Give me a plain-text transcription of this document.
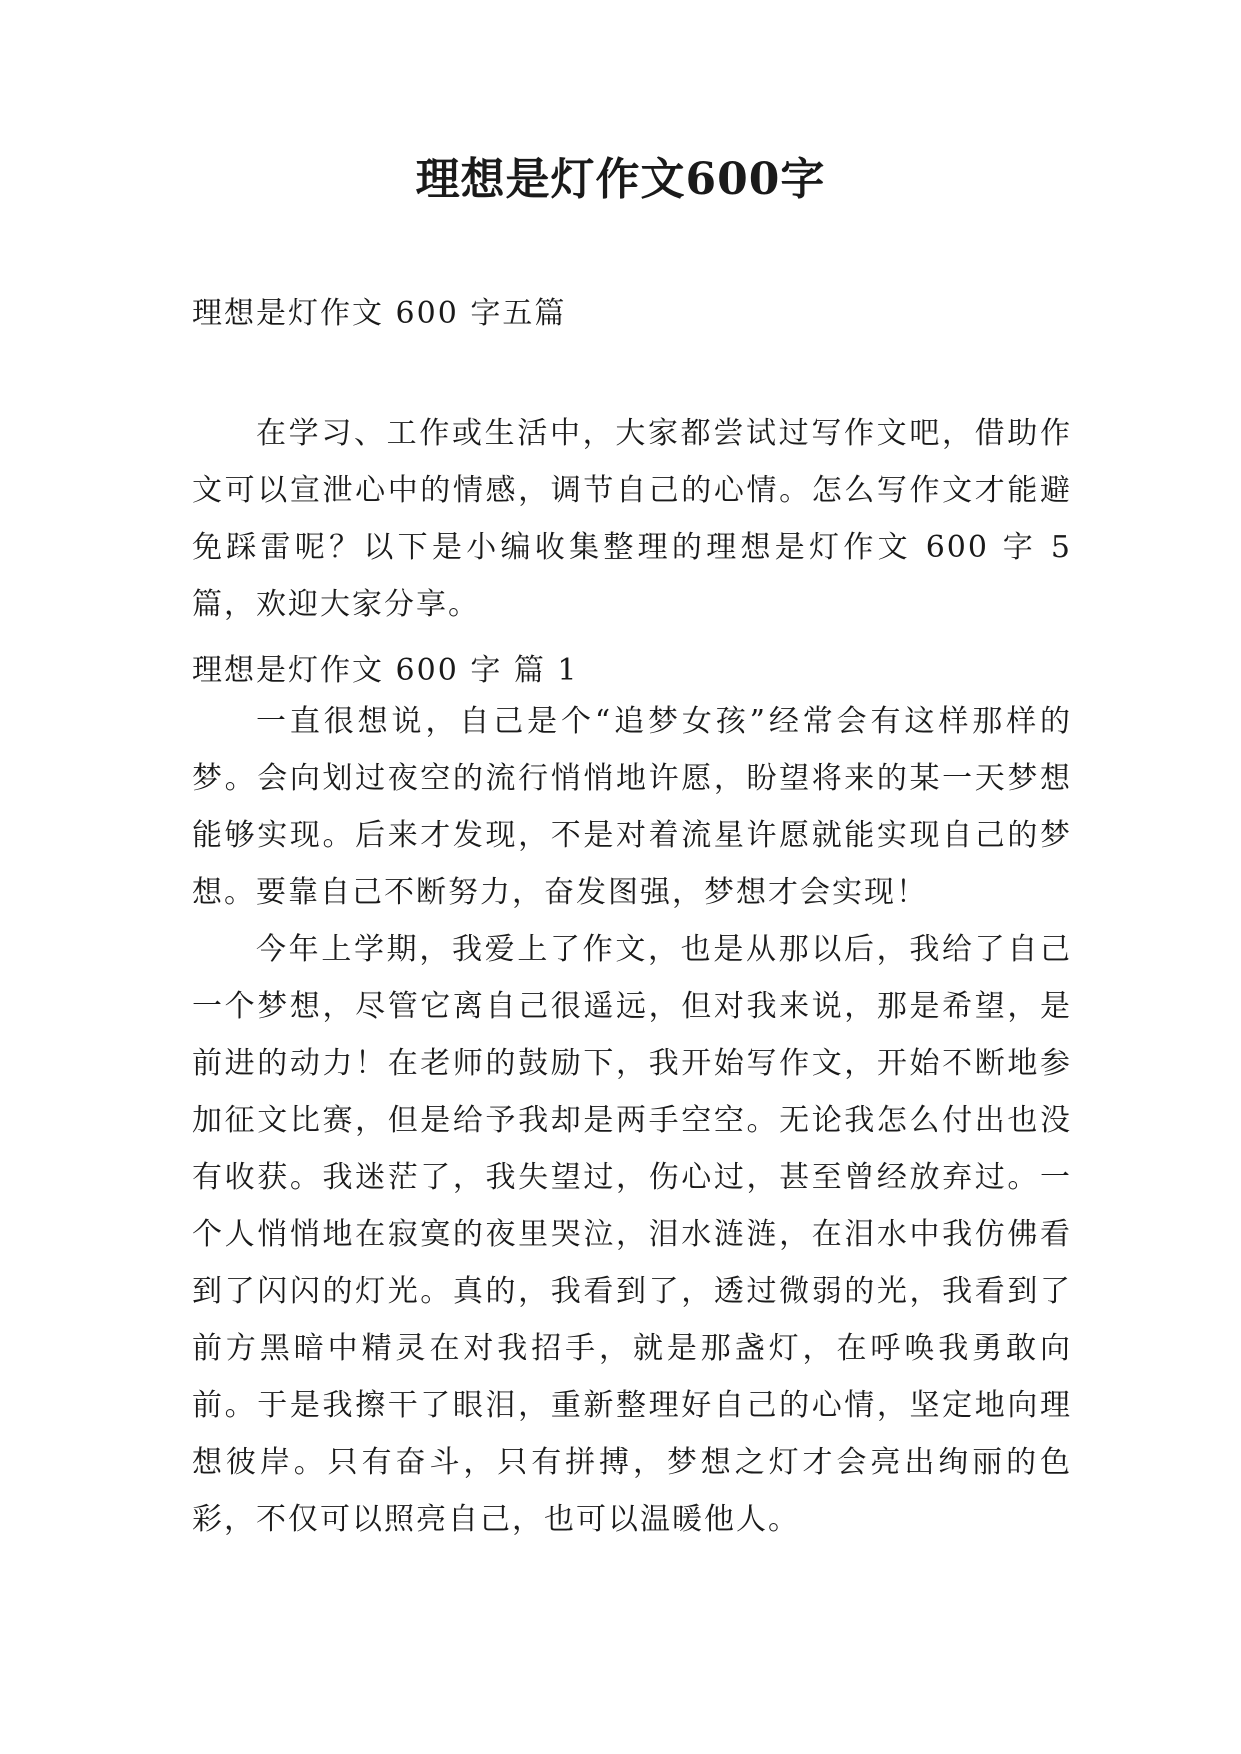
理想是灯作文600字
理想是灯作文 600 字五篇

在学习、工作或生活中，大家都尝试过写作文吧，借助作文可以宣泄心中的情感，调节自己的心情。怎么写作文才能避免踩雷呢？以下是小编收集整理的理想是灯作文 600 字 5 篇，欢迎大家分享。

理想是灯作文 600 字 篇 1

一直很想说，自己是个“追梦女孩”经常会有这样那样的梦。会向划过夜空的流行悄悄地许愿，盼望将来的某一天梦想能够实现。后来才发现，不是对着流星许愿就能实现自己的梦想。要靠自己不断努力，奋发图强，梦想才会实现！

今年上学期，我爱上了作文，也是从那以后，我给了自己一个梦想，尽管它离自己很遥远，但对我来说，那是希望，是前进的动力！在老师的鼓励下，我开始写作文，开始不断地参加征文比赛，但是给予我却是两手空空。无论我怎么付出也没有收获。我迷茫了，我失望过，伤心过，甚至曾经放弃过。一个人悄悄地在寂寞的夜里哭泣，泪水涟涟，在泪水中我仿佛看到了闪闪的灯光。真的，我看到了，透过微弱的光，我看到了前方黑暗中精灵在对我招手，就是那盏灯，在呼唤我勇敢向前。于是我擦干了眼泪，重新整理好自己的心情，坚定地向理想彼岸。只有奋斗，只有拼搏，梦想之灯才会亮出绚丽的色彩，不仅可以照亮自己，也可以温暖他人。
